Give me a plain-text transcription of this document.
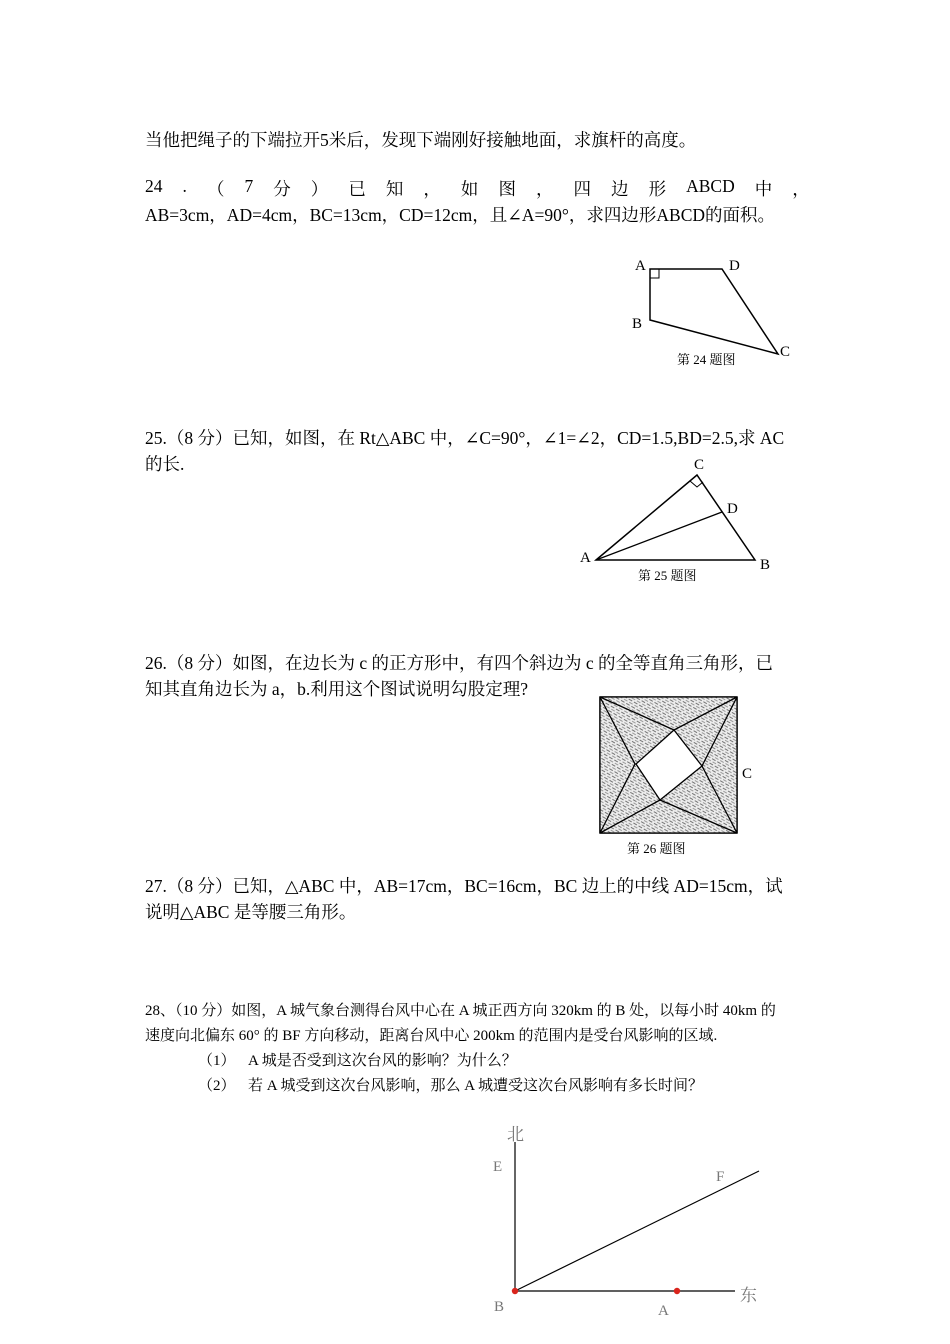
当他把绳子的下端拉开5米后，发现下端刚好接触地面，求旗杆的高度。
24 . （ 7 分 ） 已 知 ， 如 图 ， 四 边 形 ABCD 中 ，
AB=3cm，AD=4cm，BC=13cm，CD=12cm，且∠A=90°，求四边形ABCD的面积。
A	D
B
C
第 24 题图
25.（8 分）已知，如图，在 Rt△ABC 中，∠C=90°，∠1=∠2，CD=1.5,BD=2.5,求 AC
的长.	C
D
A	B
第 25 题图
26.（8 分）如图，在边长为 c 的正方形中，有四个斜边为 c 的全等直角三角形，已
知其直角边长为 a，b.利用这个图试说明勾股定理?
C
第 26 题图
27.（8 分）已知，△ABC 中，AB=17cm，BC=16cm，BC 边上的中线 AD=15cm，试
说明△ABC 是等腰三角形。
28、（10 分）如图，A 城气象台测得台风中心在 A 城正西方向 320km 的 B 处，以每小时 40km 的
速度向北偏东 60° 的 BF 方向移动，距离台风中心 200km 的范围内是受台风影响的区域.
（1） A 城是否受到这次台风的影响？为什么？
（2） 若 A 城受到这次台风影响，那么 A 城遭受这次台风影响有多长时间？
北
E
F
东
B	A
